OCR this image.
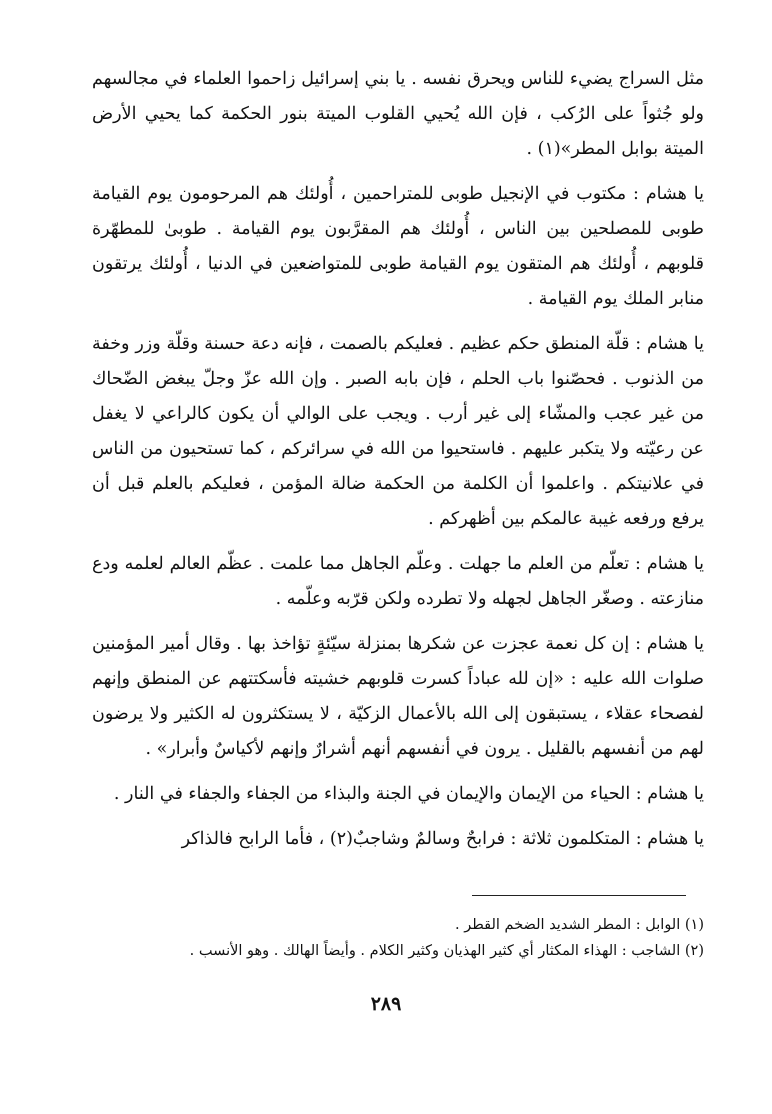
مثل السراج يضيء للناس ويحرق نفسه . يا بني إسرائيل زاحموا العلماء في مجالسهم ولو جُثواً على الرُكب ، فإن الله يُحيي القلوب الميتة بنور الحكمة كما يحيي الأرض الميتة بوابل المطر»(١) .

يا هشام : مكتوب في الإنجيل طوبى للمتراحمين ، أُولئك هم المرحومون يوم القيامة طوبى للمصلحين بين الناس ، أُولئك هم المقرَّبون يوم القيامة . طوبىٰ للمطهّرة قلوبهم ، أُولئك هم المتقون يوم القيامة طوبى للمتواضعين في الدنيا ، أُولئك يرتقون منابر الملك يوم القيامة .

يا هشام : قلّة المنطق حكم عظيم . فعليكم بالصمت ، فإنه دعة حسنة وقلّة وزر وخفة من الذنوب . فحصّنوا باب الحلم ، فإن بابه الصبر . وإن الله عزّ وجلّ يبغض الضّحاك من غير عجب والمشّاء إلى غير أرب . ويجب على الوالي أن يكون كالراعي لا يغفل عن رعيّته ولا يتكبر عليهم . فاستحيوا من الله في سرائركم ، كما تستحيون من الناس في علانيتكم . واعلموا أن الكلمة من الحكمة ضالة المؤمن ، فعليكم بالعلم قبل أن يرفع ورفعه غيبة عالمكم بين أظهركم .

يا هشام : تعلّم من العلم ما جهلت . وعلّم الجاهل مما علمت . عظّم العالم لعلمه ودع منازعته . وصغّر الجاهل لجهله ولا تطرده ولكن قرّبه وعلّمه .

يا هشام : إن كل نعمة عجزت عن شكرها بمنزلة سيّئةٍ تؤاخذ بها . وقال أمير المؤمنين صلوات الله عليه : «إن لله عباداً كسرت قلوبهم خشيته فأسكتتهم عن المنطق وإنهم لفصحاء عقلاء ، يستبقون إلى الله بالأعمال الزكيّة ، لا يستكثرون له الكثير ولا يرضون لهم من أنفسهم بالقليل . يرون في أنفسهم أنهم أشرارٌ وإنهم لأكياسٌ وأبرار» .

يا هشام : الحياء من الإيمان والإيمان في الجنة والبذاء من الجفاء والجفاء في النار .

يا هشام : المتكلمون ثلاثة : فرابحٌ وسالمٌ وشاجبٌ(٢) ، فأما الرابح فالذاكر

(١) الوابل : المطر الشديد الضخم القطر .

(٢) الشاجب : الهذاء المكثار أي كثير الهذيان وكثير الكلام . وأيضاً الهالك . وهو الأنسب .

٢٨٩
